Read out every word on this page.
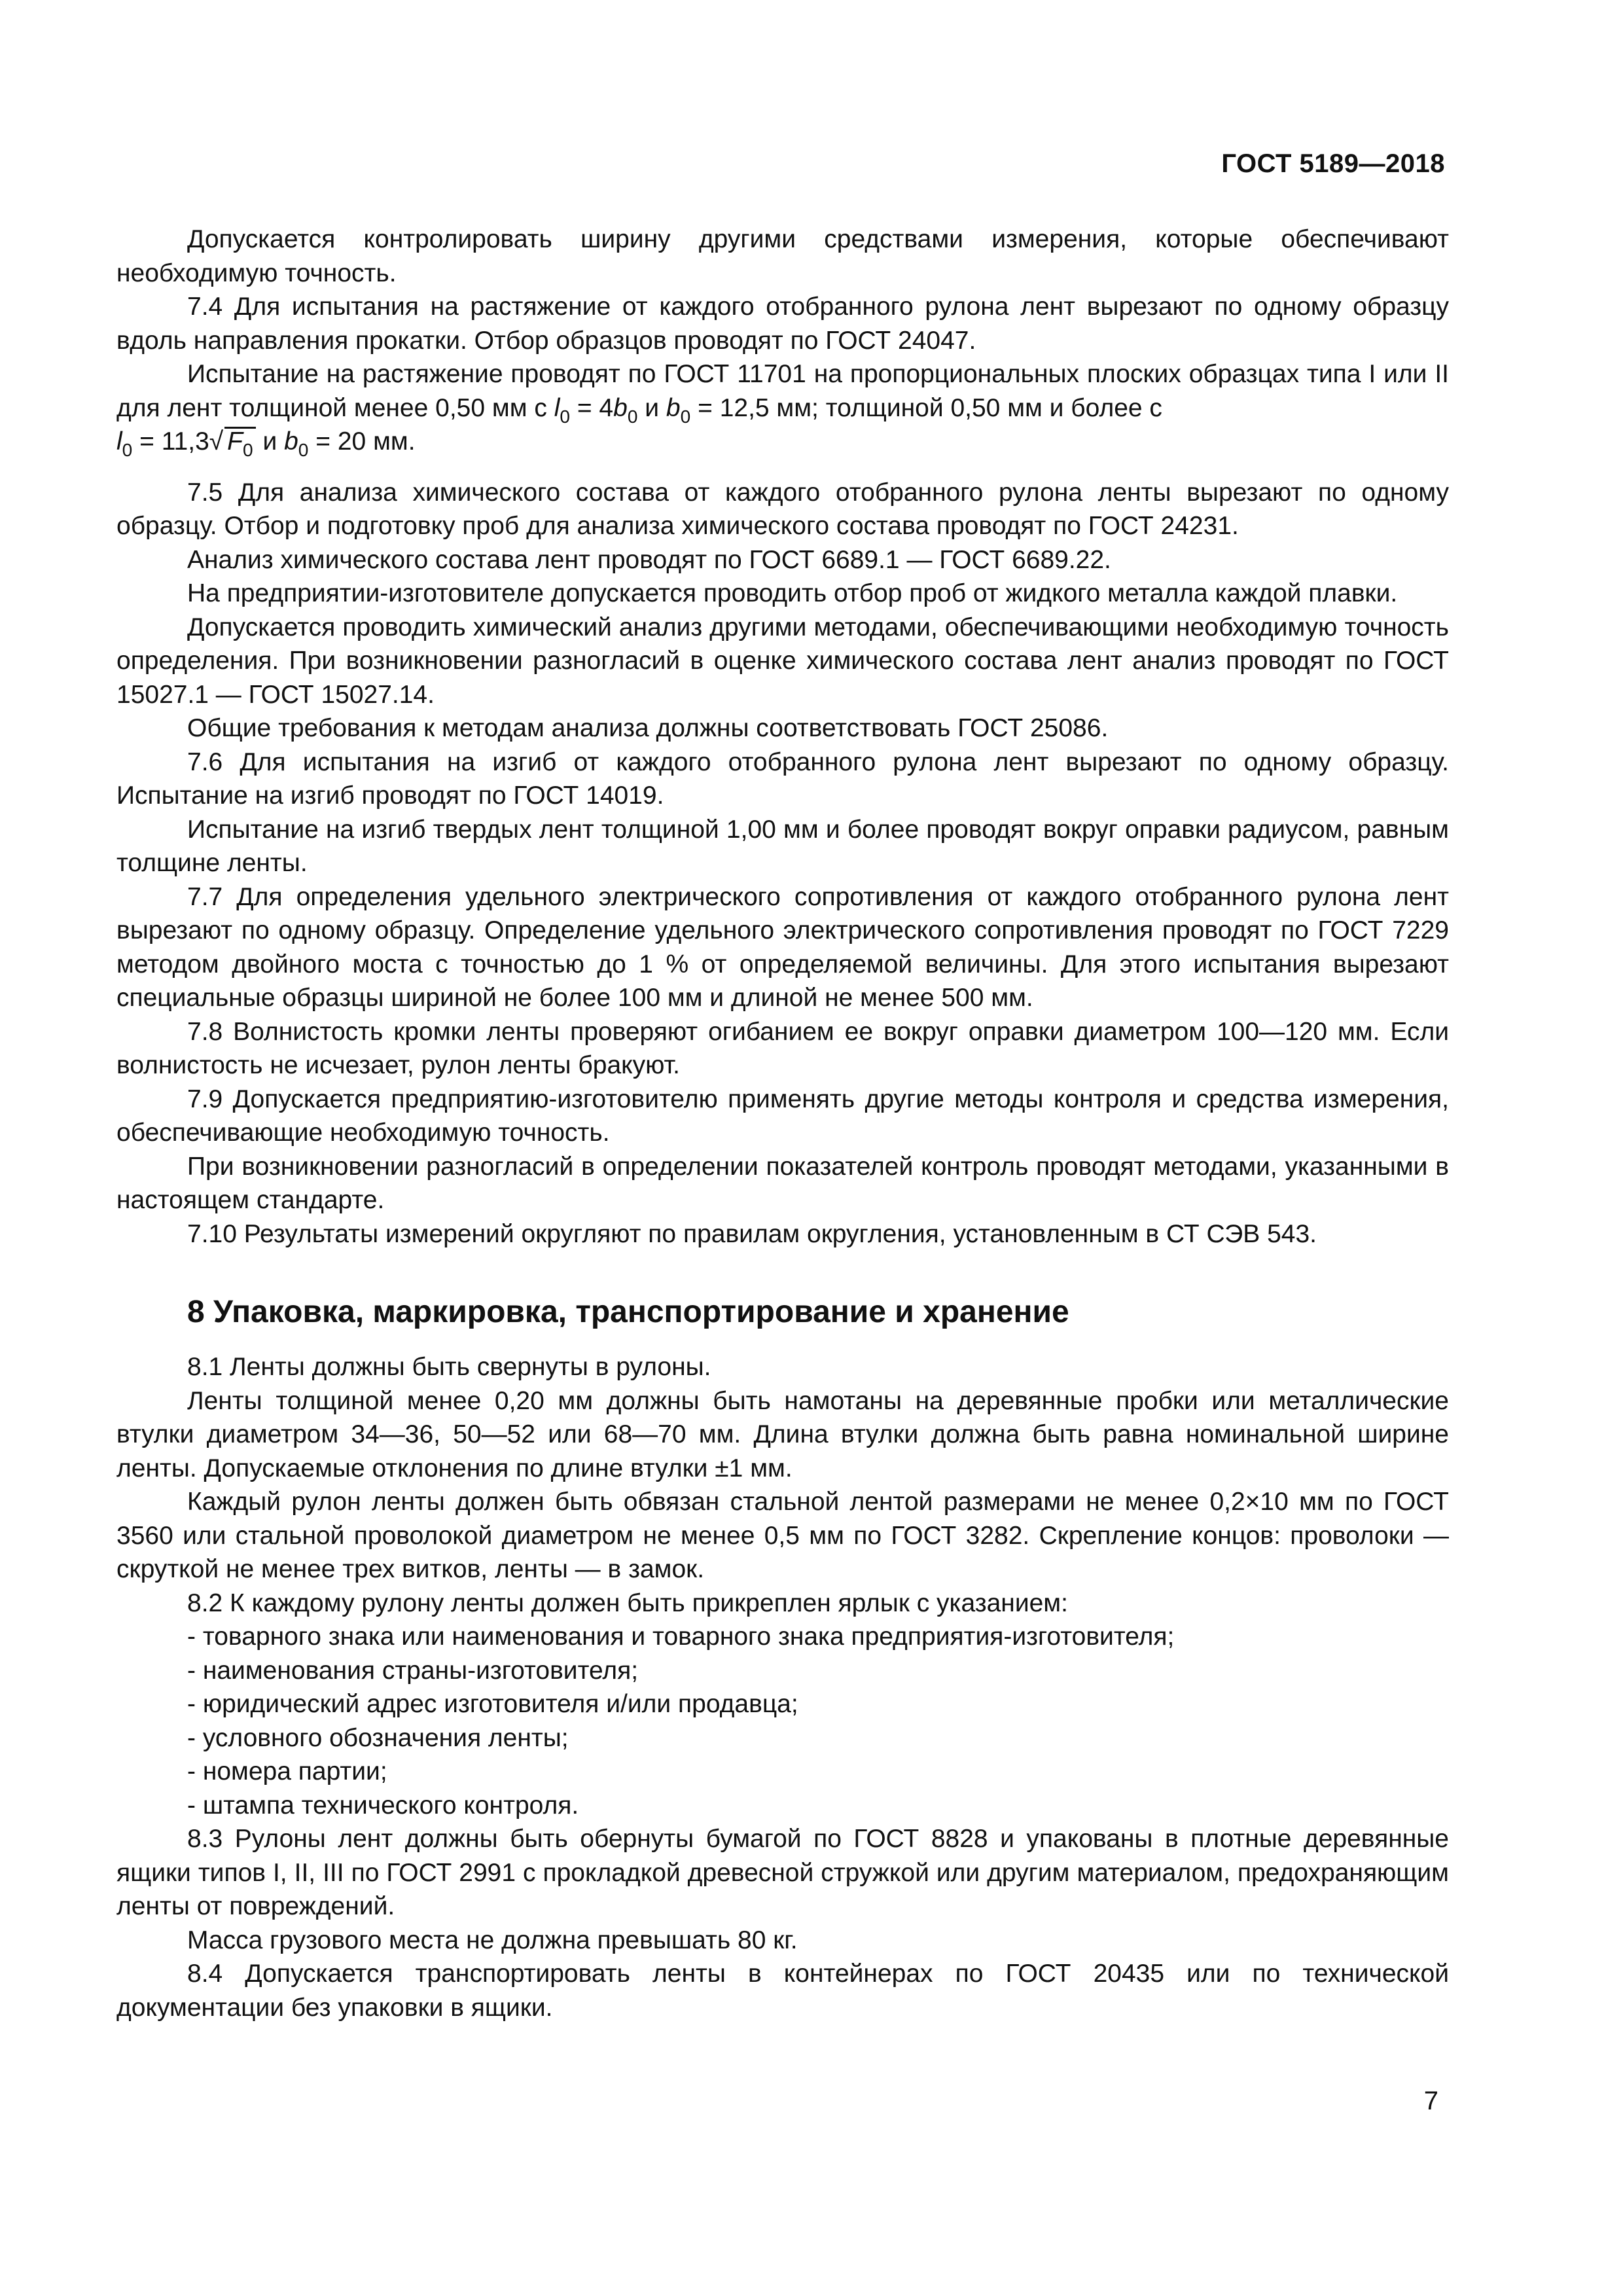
ГОСТ 5189—2018

Допускается контролировать ширину другими средствами измерения, которые обеспечивают необходимую точность.

7.4 Для испытания на растяжение от каждого отобранного рулона лент вырезают по одному образцу вдоль направления прокатки. Отбор образцов проводят по ГОСТ 24047.

Испытание на растяжение проводят по ГОСТ 11701 на пропорциональных плоских образцах типа I или II для лент толщиной менее 0,50 мм с $l_0 = 4b_0$ и $b_0 = 12,5$ мм; толщиной 0,50 мм и более с

$l_0 = 11,3√$ $F_0$ и $b_0 = 20$ мм.

7.5 Для анализа химического состава от каждого отобранного рулона ленты вырезают по одному образцу. Отбор и подготовку проб для анализа химического состава проводят по ГОСТ 24231.

Анализ химического состава лент проводят по ГОСТ 6689.1 — ГОСТ 6689.22.

На предприятии-изготовителе допускается проводить отбор проб от жидкого металла каждой плавки.

Допускается проводить химический анализ другими методами, обеспечивающими необходимую точность определения. При возникновении разногласий в оценке химического состава лент анализ проводят по ГОСТ 15027.1 — ГОСТ 15027.14.

Общие требования к методам анализа должны соответствовать ГОСТ 25086.

7.6 Для испытания на изгиб от каждого отобранного рулона лент вырезают по одному образцу. Испытание на изгиб проводят по ГОСТ 14019.

Испытание на изгиб твердых лент толщиной 1,00 мм и более проводят вокруг оправки радиусом, равным толщине ленты.

7.7 Для определения удельного электрического сопротивления от каждого отобранного рулона лент вырезают по одному образцу. Определение удельного электрического сопротивления проводят по ГОСТ 7229 методом двойного моста с точностью до 1 % от определяемой величины. Для этого испытания вырезают специальные образцы шириной не более 100 мм и длиной не менее 500 мм.

7.8 Волнистость кромки ленты проверяют огибанием ее вокруг оправки диаметром 100—120 мм. Если волнистость не исчезает, рулон ленты бракуют.

7.9 Допускается предприятию-изготовителю применять другие методы контроля и средства измерения, обеспечивающие необходимую точность.

При возникновении разногласий в определении показателей контроль проводят методами, указанными в настоящем стандарте.

7.10 Результаты измерений округляют по правилам округления, установленным в СТ СЭВ 543.

8 Упаковка, маркировка, транспортирование и хранение

8.1 Ленты должны быть свернуты в рулоны.

Ленты толщиной менее 0,20 мм должны быть намотаны на деревянные пробки или металлические втулки диаметром 34—36, 50—52 или 68—70 мм. Длина втулки должна быть равна номинальной ширине ленты. Допускаемые отклонения по длине втулки ±1 мм.

Каждый рулон ленты должен быть обвязан стальной лентой размерами не менее 0,2×10 мм по ГОСТ 3560 или стальной проволокой диаметром не менее 0,5 мм по ГОСТ 3282. Скрепление концов: проволоки — скруткой не менее трех витков, ленты — в замок.

8.2 К каждому рулону ленты должен быть прикреплен ярлык с указанием:

- товарного знака или наименования и товарного знака предприятия-изготовителя;

- наименования страны-изготовителя;

- юридический адрес изготовителя и/или продавца;

- условного обозначения ленты;

- номера партии;

- штампа технического контроля.

8.3 Рулоны лент должны быть обернуты бумагой по ГОСТ 8828 и упакованы в плотные деревянные ящики типов I, II, III по ГОСТ 2991 с прокладкой древесной стружкой или другим материалом, предохраняющим ленты от повреждений.

Масса грузового места не должна превышать 80 кг.

8.4 Допускается транспортировать ленты в контейнерах по ГОСТ 20435 или по технической документации без упаковки в ящики.

7
